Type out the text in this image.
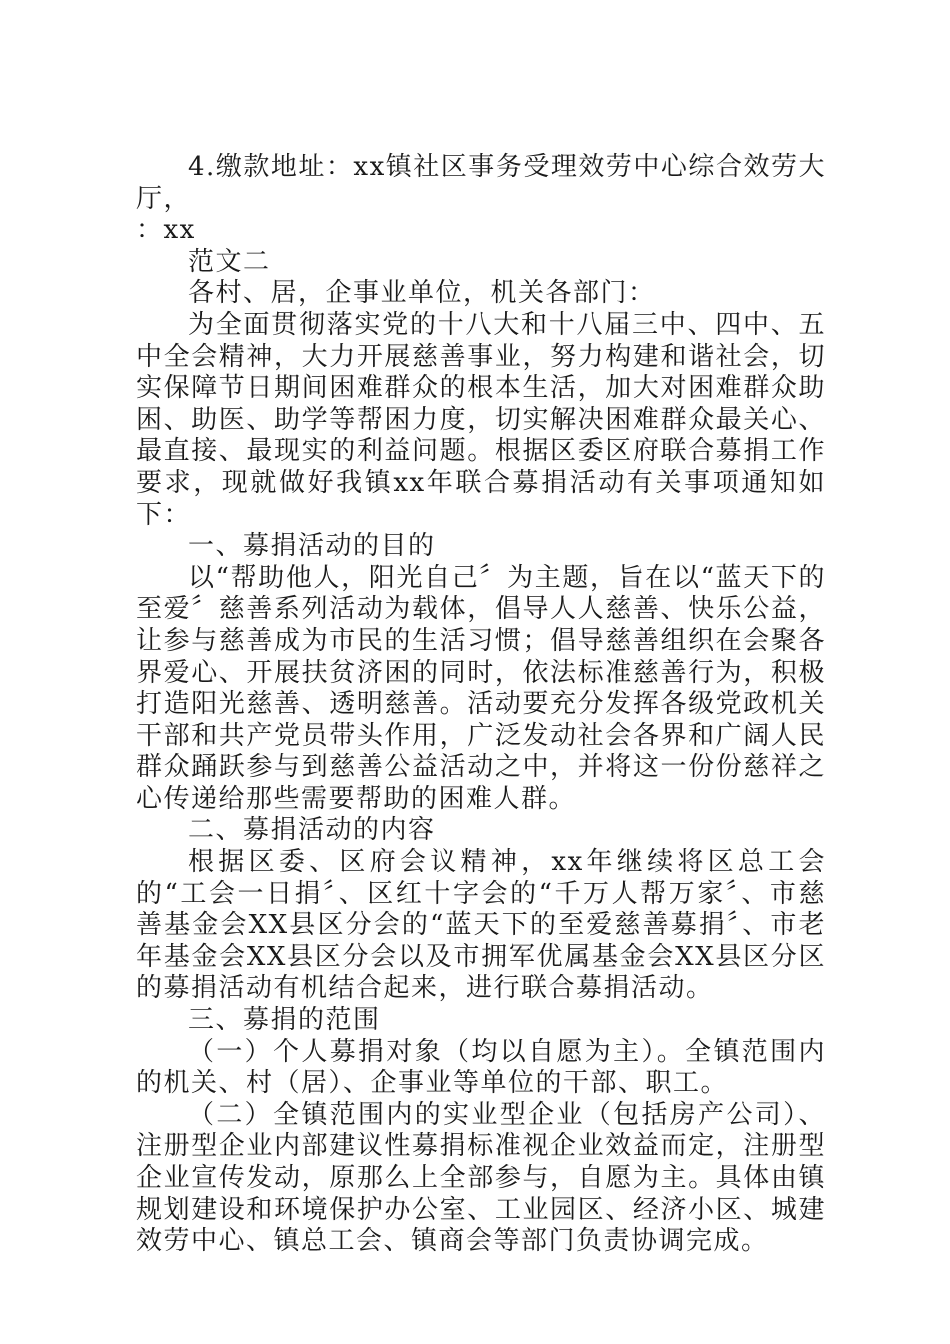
4.缴款地址：xx镇社区事务受理效劳中心综合效劳大厅，

：xx

范文二

各村、居，企事业单位，机关各部门：

为全面贯彻落实党的十八大和十八届三中、四中、五中全会精神，大力开展慈善事业，努力构建和谐社会，切实保障节日期间困难群众的根本生活，加大对困难群众助困、助医、助学等帮困力度，切实解决困难群众最关心、最直接、最现实的利益问题。根据区委区府联合募捐工作要求，现就做好我镇xx年联合募捐活动有关事项通知如下：

一、募捐活动的目的

以“帮助他人，阳光自己〞为主题，旨在以“蓝天下的至爱〞慈善系列活动为载体，倡导人人慈善、快乐公益，让参与慈善成为市民的生活习惯；倡导慈善组织在会聚各界爱心、开展扶贫济困的同时，依法标准慈善行为，积极打造阳光慈善、透明慈善。活动要充分发挥各级党政机关干部和共产党员带头作用，广泛发动社会各界和广阔人民群众踊跃参与到慈善公益活动之中，并将这一份份慈祥之心传递给那些需要帮助的困难人群。

二、募捐活动的内容

根据区委、区府会议精神，xx年继续将区总工会的“工会一日捐〞、区红十字会的“千万人帮万家〞、市慈善基金会XX县区分会的“蓝天下的至爱慈善募捐〞、市老年基金会XX县区分会以及市拥军优属基金会XX县区分区的募捐活动有机结合起来，进行联合募捐活动。

三、募捐的范围

（一）个人募捐对象（均以自愿为主）。全镇范围内的机关、村（居）、企事业等单位的干部、职工。

（二）全镇范围内的实业型企业（包括房产公司）、注册型企业内部建议性募捐标准视企业效益而定，注册型企业宣传发动，原那么上全部参与，自愿为主。具体由镇规划建设和环境保护办公室、工业园区、经济小区、城建效劳中心、镇总工会、镇商会等部门负责协调完成。
